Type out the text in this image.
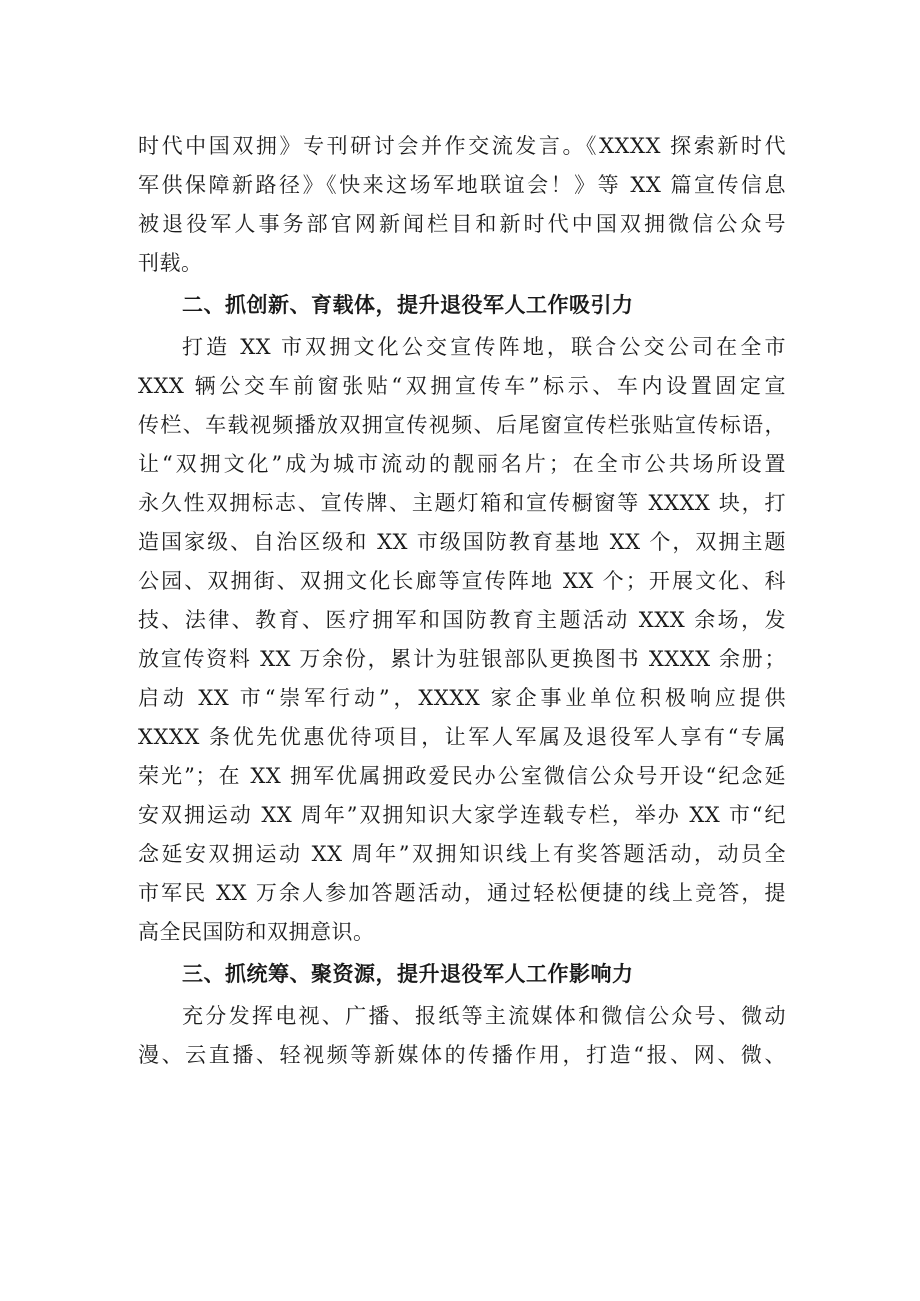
时代中国双拥》专刊研讨会并作交流发言。《XXXX 探索新时代
军供保障新路径》《快来这场军地联谊会！》等 XX 篇宣传信息
被退役军人事务部官网新闻栏目和新时代中国双拥微信公众号
刊载。
二、抓创新、育载体，提升退役军人工作吸引力
打造 XX 市双拥文化公交宣传阵地，联合公交公司在全市
XXX 辆公交车前窗张贴“双拥宣传车”标示、车内设置固定宣
传栏、车载视频播放双拥宣传视频、后尾窗宣传栏张贴宣传标语，
让“双拥文化”成为城市流动的靓丽名片；在全市公共场所设置
永久性双拥标志、宣传牌、主题灯箱和宣传橱窗等 XXXX 块，打
造国家级、自治区级和 XX 市级国防教育基地 XX 个，双拥主题
公园、双拥街、双拥文化长廊等宣传阵地 XX 个；开展文化、科
技、法律、教育、医疗拥军和国防教育主题活动 XXX 余场，发
放宣传资料 XX 万余份，累计为驻银部队更换图书 XXXX 余册；
启动 XX 市“崇军行动”，XXXX 家企事业单位积极响应提供
XXXX 条优先优惠优待项目，让军人军属及退役军人享有“专属
荣光”；在 XX 拥军优属拥政爱民办公室微信公众号开设“纪念延
安双拥运动 XX 周年”双拥知识大家学连载专栏，举办 XX 市“纪
念延安双拥运动 XX 周年”双拥知识线上有奖答题活动，动员全
市军民 XX 万余人参加答题活动，通过轻松便捷的线上竞答，提
高全民国防和双拥意识。
三、抓统筹、聚资源，提升退役军人工作影响力
充分发挥电视、广播、报纸等主流媒体和微信公众号、微动
漫、云直播、轻视频等新媒体的传播作用，打造“报、网、微、
